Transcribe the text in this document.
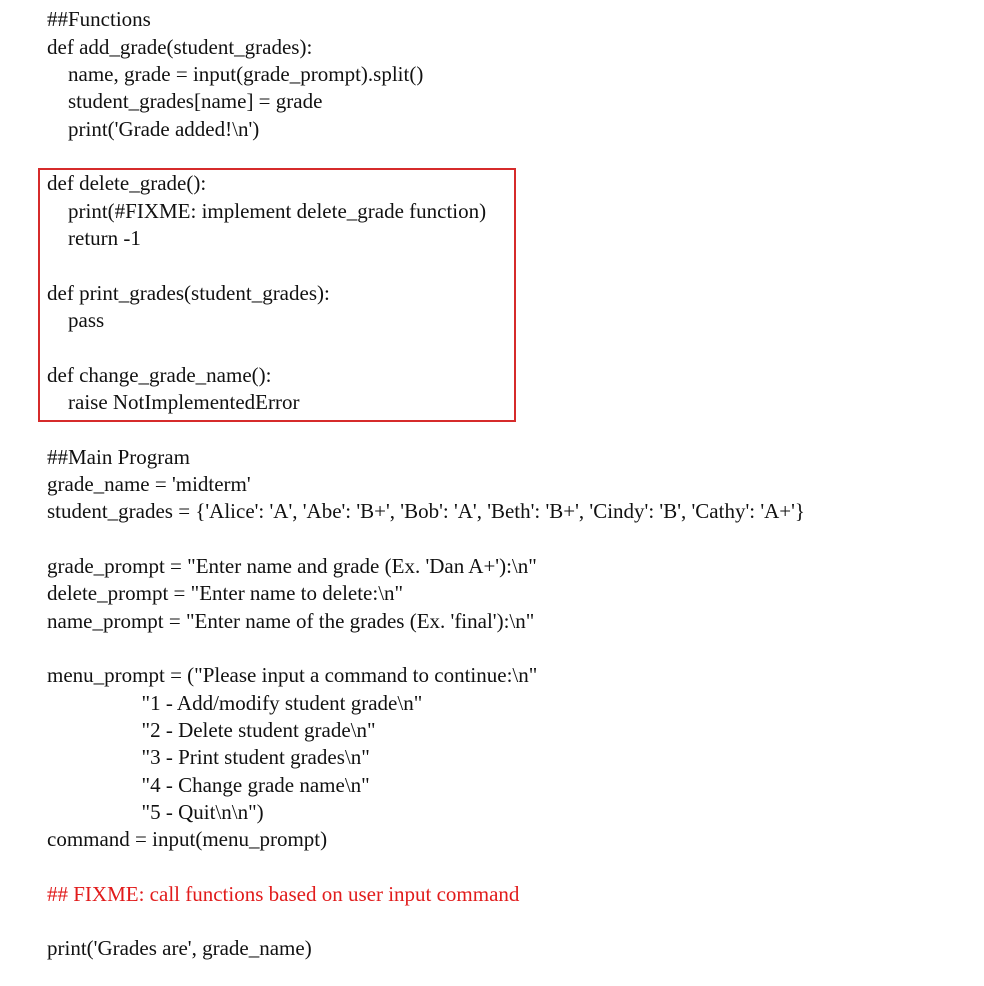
##Functions
def add_grade(student_grades):
name, grade = input(grade_prompt).split()
student_grades[name] = grade
print('Grade added!\n')
def delete_grade():
print(#FIXME: implement delete_grade function)
return -1
def print_grades(student_grades):
pass
def change_grade_name():
raise NotImplementedError
##Main Program
grade_name = 'midterm'
student_grades = {'Alice': 'A', 'Abe': 'B+', 'Bob': 'A', 'Beth': 'B+', 'Cindy': 'B', 'Cathy': 'A+'}
grade_prompt = "Enter name and grade (Ex. 'Dan A+'):\n"
delete_prompt = "Enter name to delete:\n"
name_prompt = "Enter name of the grades (Ex. 'final'):\n"
menu_prompt = ("Please input a command to continue:\n"
"1 - Add/modify student grade\n"
"2 - Delete student grade\n"
"3 - Print student grades\n"
"4 - Change grade name\n"
"5 - Quit\n\n")
command = input(menu_prompt)
## FIXME: call functions based on user input command
print('Grades are', grade_name)
